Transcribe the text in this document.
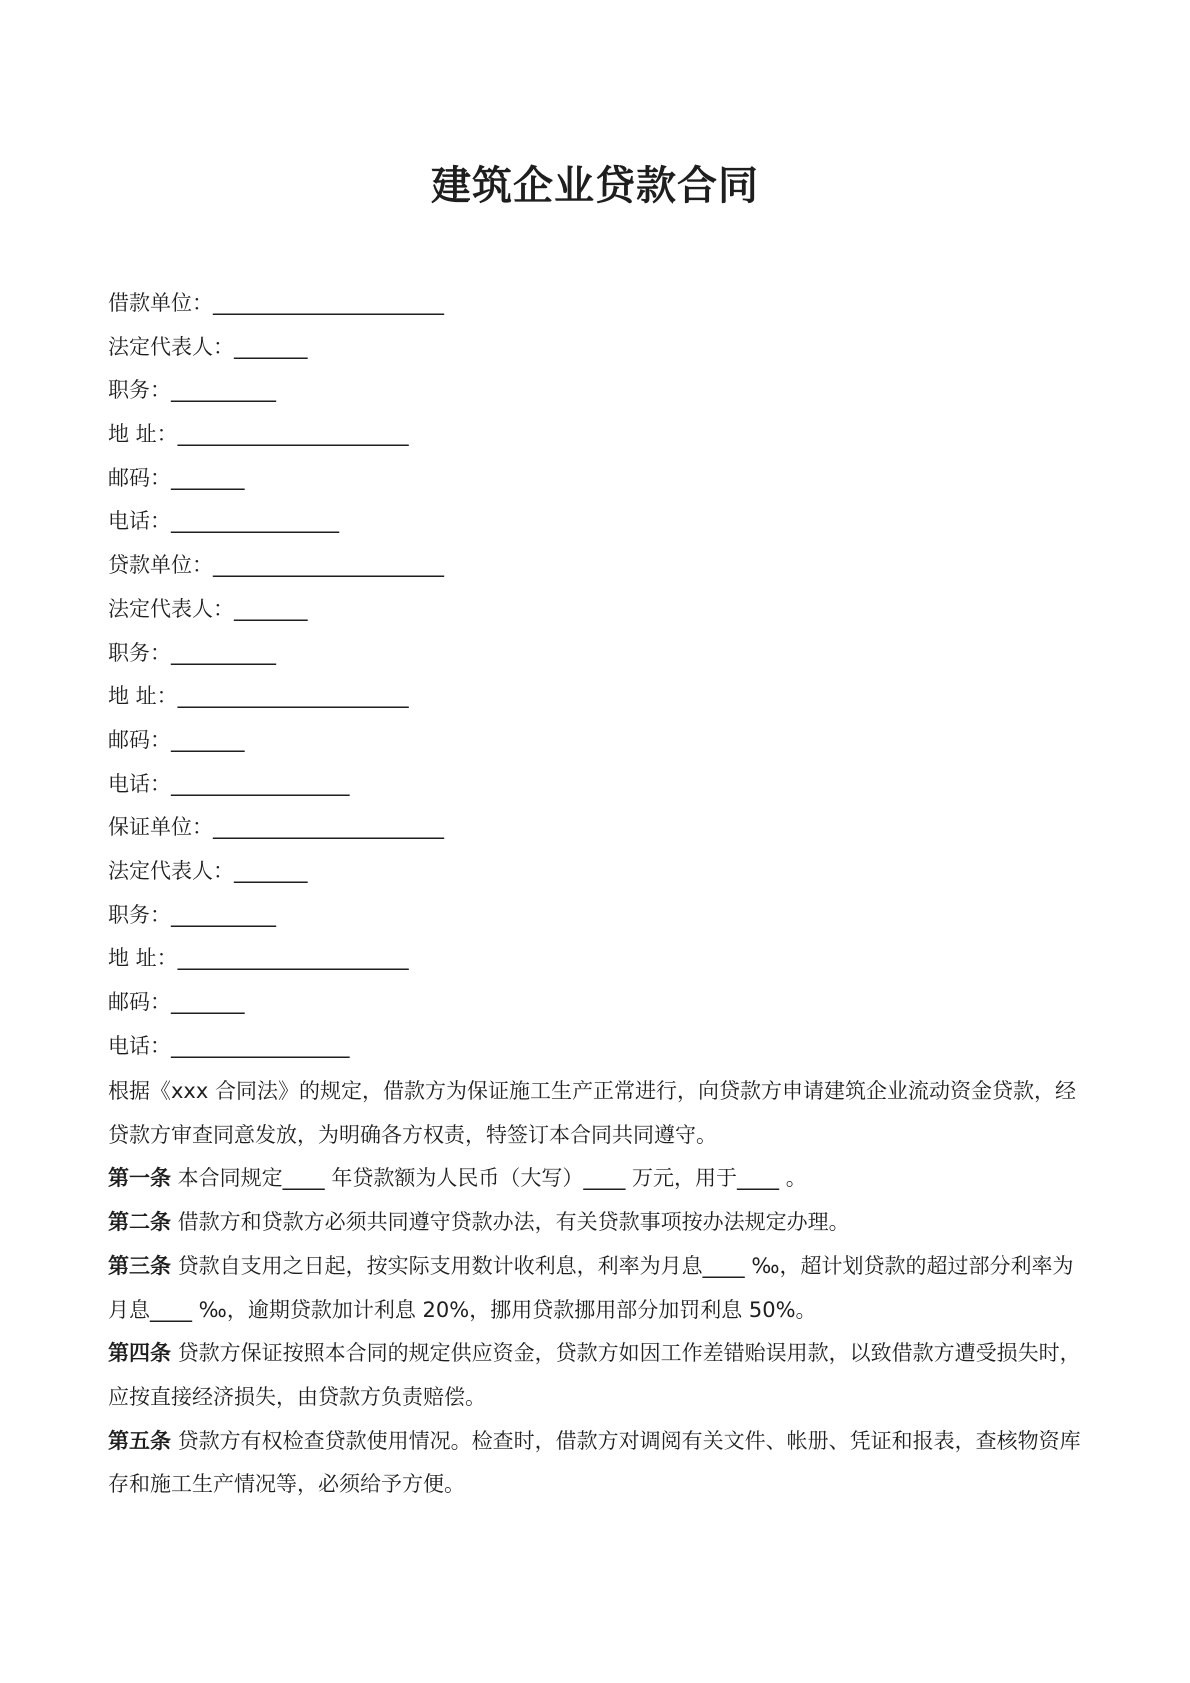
建筑企业贷款合同
借款单位：______________________
法定代表人：_______
职务：__________
地 址：______________________
邮码：_______
电话：________________
贷款单位：______________________
法定代表人：_______
职务：__________
地 址：______________________
邮码：_______
电话：_________________
保证单位：______________________
法定代表人：_______
职务：__________
地 址：______________________
邮码：_______
电话：_________________

根据《xxx 合同法》的规定，借款方为保证施工生产正常进行，向贷款方申请建筑企业流动资金贷款，经贷款方审查同意发放，为明确各方权责，特签订本合同共同遵守。

第一条 本合同规定____ 年贷款额为人民币（大写）____ 万元，用于____ 。

第二条 借款方和贷款方必须共同遵守贷款办法，有关贷款事项按办法规定办理。

第三条 贷款自支用之日起，按实际支用数计收利息，利率为月息____ ‰，超计划贷款的超过部分利率为月息____ ‰，逾期贷款加计利息 20%，挪用贷款挪用部分加罚利息 50%。

第四条 贷款方保证按照本合同的规定供应资金，贷款方如因工作差错贻误用款，以致借款方遭受损失时，应按直接经济损失，由贷款方负责赔偿。

第五条 贷款方有权检查贷款使用情况。检查时，借款方对调阅有关文件、帐册、凭证和报表，查核物资库存和施工生产情况等，必须给予方便。
